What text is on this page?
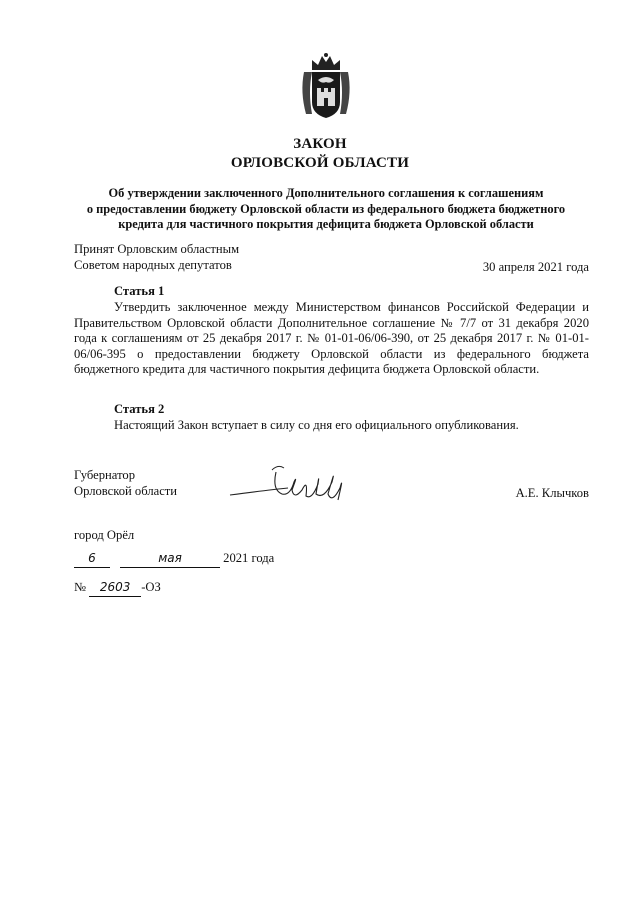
ЗАКОН
ОРЛОВСКОЙ ОБЛАСТИ
Об утверждении заключенного Дополнительного соглашения к соглашениям
о предоставлении бюджету Орловской области из федерального бюджета бюджетного
кредита для частичного покрытия дефицита бюджета Орловской области
Принят Орловским областным
Советом народных депутатов	30 апреля 2021 года
Статья 1
Утвердить заключенное между Министерством финансов Российской Федерации и Правительством Орловской области Дополнительное соглашение № 7/7 от 31 декабря 2020 года к соглашениям от 25 декабря 2017 г. № 01-01-06/06-390, от 25 декабря 2017 г. № 01-01-06/06-395 о предоставлении бюджету Орловской области из федерального бюджета бюджетного кредита для частичного покрытия дефицита бюджета Орловской области.
Статья 2
Настоящий Закон вступает в силу со дня его официального опубликования.
Губернатор
Орловской области	А.Е. Клычков
город Орёл
6	мая	2021 года
№ 2603 -ОЗ
